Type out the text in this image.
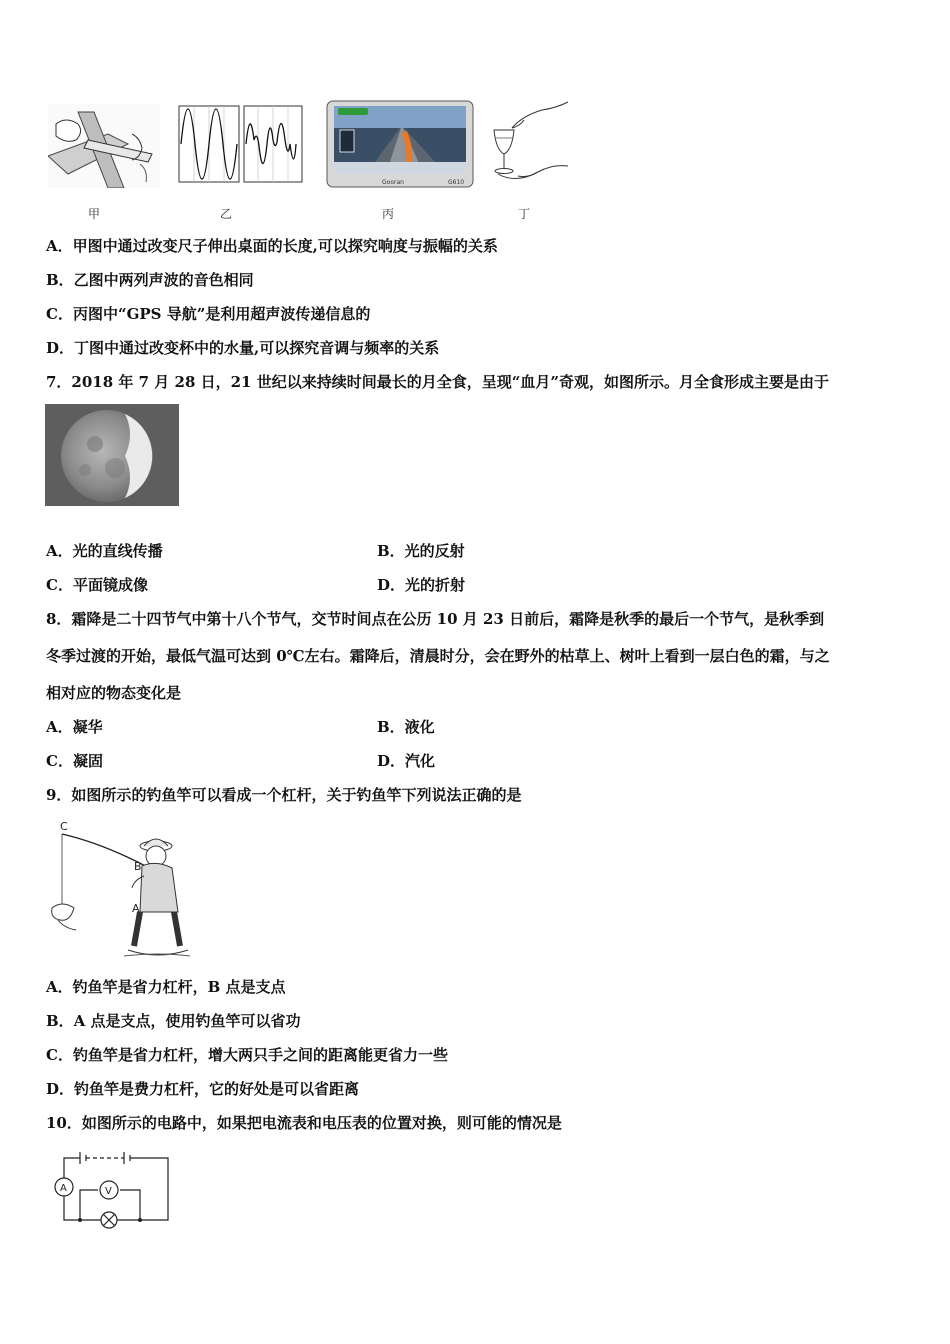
Gooran	G610
甲	乙	丙	丁
A．甲图中通过改变尺子伸出桌面的长度,可以探究响度与振幅的关系
B．乙图中两列声波的音色相同
C．丙图中“GPS 导航”是利用超声波传递信息的
D．丁图中通过改变杯中的水量,可以探究音调与频率的关系
7．2018 年 7 月 28 日，21 世纪以来持续时间最长的月全食，呈现“血月”奇观，如图所示。月全食形成主要是由于
A．光的直线传播	B．光的反射
C．平面镜成像	D．光的折射
8．霜降是二十四节气中第十八个节气，交节时间点在公历 10 月 23 日前后，霜降是秋季的最后一个节气，是秋季到
冬季过渡的开始，最低气温可达到 0℃左右。霜降后，清晨时分，会在野外的枯草上、树叶上看到一层白色的霜，与之
相对应的物态变化是
A．凝华	B．液化
C．凝固	D．汽化
9．如图所示的钓鱼竿可以看成一个杠杆，关于钓鱼竿下列说法正确的是
C
B
A
A．钓鱼竿是省力杠杆，B 点是支点
B．A 点是支点，使用钓鱼竿可以省功
C．钓鱼竿是省力杠杆，增大两只手之间的距离能更省力一些
D．钓鱼竿是费力杠杆，它的好处是可以省距离
10．如图所示的电路中，如果把电流表和电压表的位置对换，则可能的情况是
A	V
